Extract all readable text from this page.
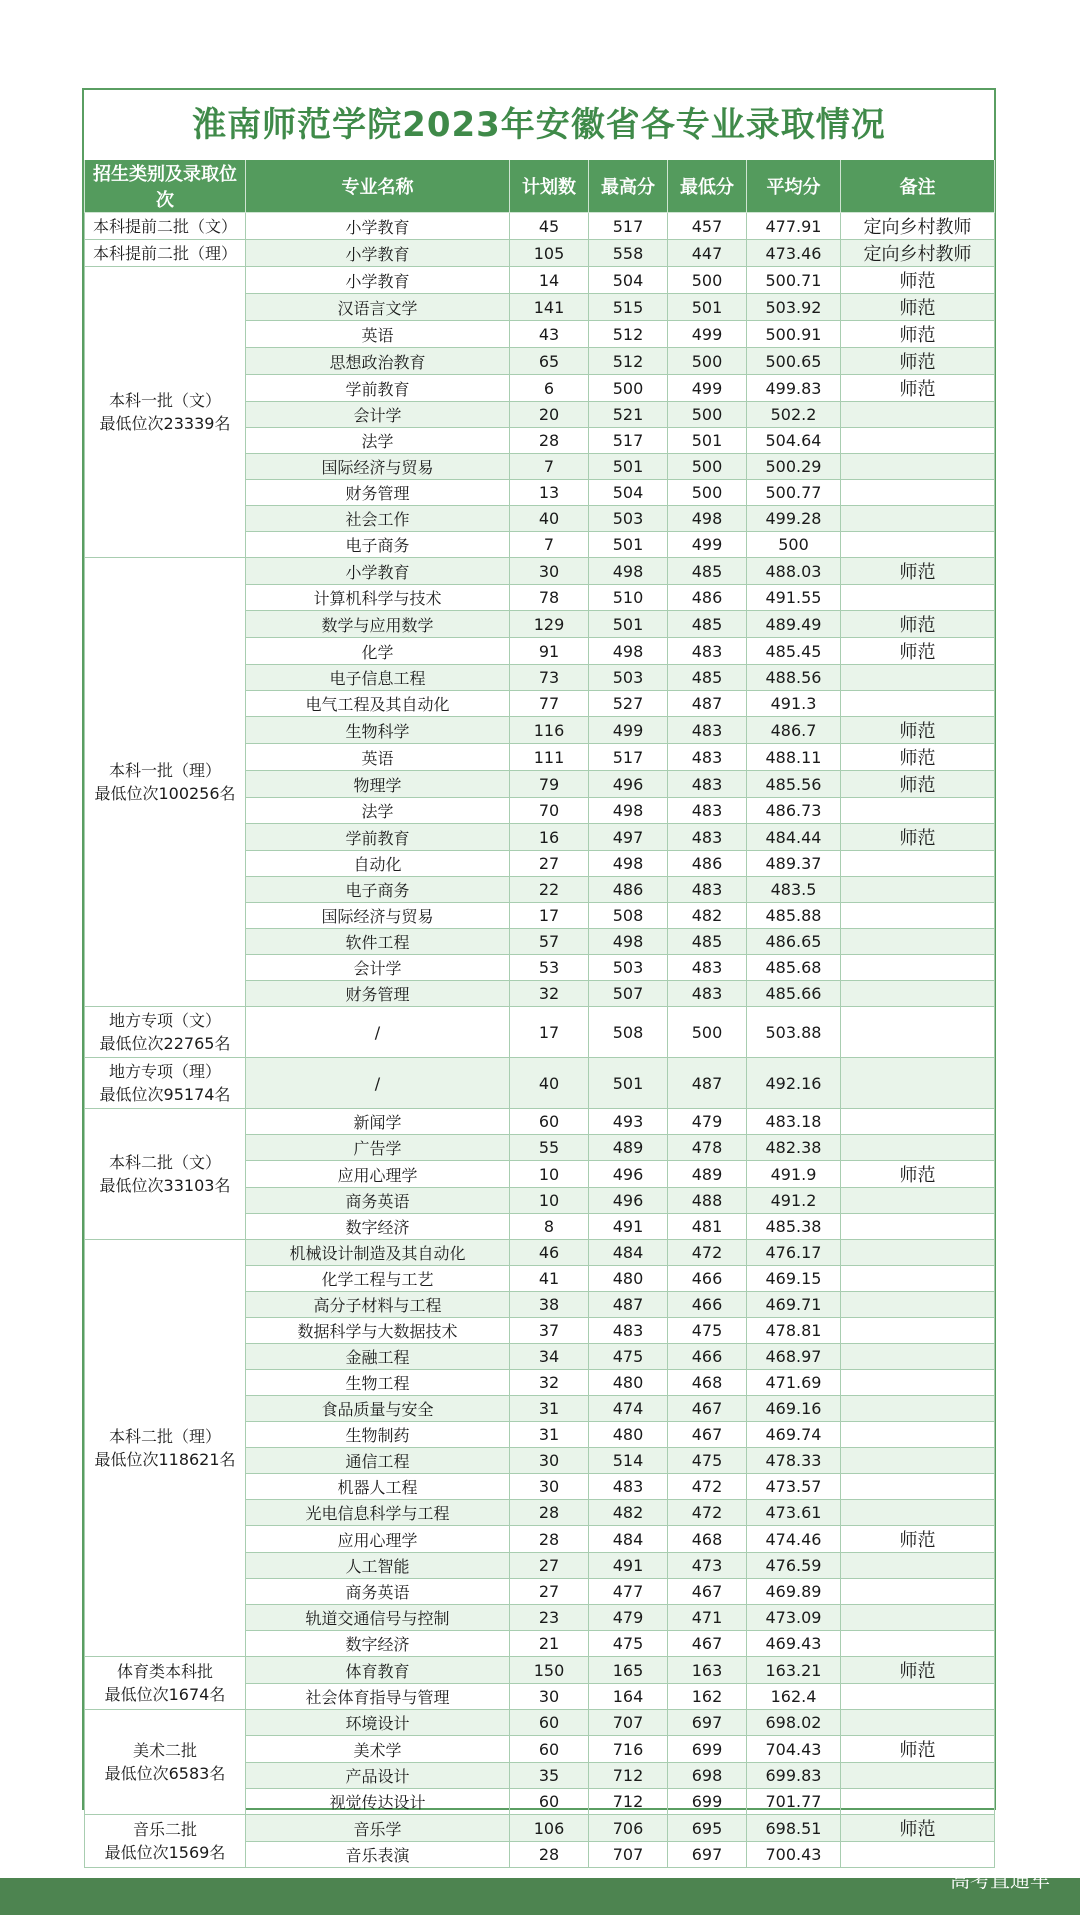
淮南师范学院2023年安徽省各专业录取情况
招生类别及录取位次	专业名称	计划数	最高分	最低分	平均分	备注

本科提前二批（文）	小学教育	45	517	457	477.91	定向乡村教师

本科提前二批（理）	小学教育	105	558	447	473.46	定向乡村教师

本科一批（文）
最低位次23339名	小学教育	14	504	500	500.71	师范
	汉语言文学	141	515	501	503.92	师范
	英语	43	512	499	500.91	师范
	思想政治教育	65	512	500	500.65	师范
	学前教育	6	500	499	499.83	师范
	会计学	20	521	500	502.2	
	法学	28	517	501	504.64	
	国际经济与贸易	7	501	500	500.29	
	财务管理	13	504	500	500.77	
	社会工作	40	503	498	499.28	
	电子商务	7	501	499	500	

本科一批（理）
最低位次100256名	小学教育	30	498	485	488.03	师范
	计算机科学与技术	78	510	486	491.55	
	数学与应用数学	129	501	485	489.49	师范
	化学	91	498	483	485.45	师范
	电子信息工程	73	503	485	488.56	
	电气工程及其自动化	77	527	487	491.3	
	生物科学	116	499	483	486.7	师范
	英语	111	517	483	488.11	师范
	物理学	79	496	483	485.56	师范
	法学	70	498	483	486.73	
	学前教育	16	497	483	484.44	师范
	自动化	27	498	486	489.37	
	电子商务	22	486	483	483.5	
	国际经济与贸易	17	508	482	485.88	
	软件工程	57	498	485	486.65	
	会计学	53	503	483	485.68	
	财务管理	32	507	483	485.66	

地方专项（文）
最低位次22765名	/	17	508	500	503.88	

地方专项（理）
最低位次95174名	/	40	501	487	492.16	

本科二批（文）
最低位次33103名	新闻学	60	493	479	483.18	
	广告学	55	489	478	482.38	
	应用心理学	10	496	489	491.9	师范
	商务英语	10	496	488	491.2	
	数字经济	8	491	481	485.38	

本科二批（理）
最低位次118621名	机械设计制造及其自动化	46	484	472	476.17	
	化学工程与工艺	41	480	466	469.15	
	高分子材料与工程	38	487	466	469.71	
	数据科学与大数据技术	37	483	475	478.81	
	金融工程	34	475	466	468.97	
	生物工程	32	480	468	471.69	
	食品质量与安全	31	474	467	469.16	
	生物制药	31	480	467	469.74	
	通信工程	30	514	475	478.33	
	机器人工程	30	483	472	473.57	
	光电信息科学与工程	28	482	472	473.61	
	应用心理学	28	484	468	474.46	师范
	人工智能	27	491	473	476.59	
	商务英语	27	477	467	469.89	
	轨道交通信号与控制	23	479	471	473.09	
	数字经济	21	475	467	469.43	

体育类本科批
最低位次1674名	体育教育	150	165	163	163.21	师范
	社会体育指导与管理	30	164	162	162.4	

美术二批
最低位次6583名	环境设计	60	707	697	698.02	
	美术学	60	716	699	704.43	师范
	产品设计	35	712	698	699.83	
	视觉传达设计	60	712	699	701.77	

音乐二批
最低位次1569名	音乐学	106	706	695	698.51	师范
	音乐表演	28	707	697	700.43	
高考直通车
